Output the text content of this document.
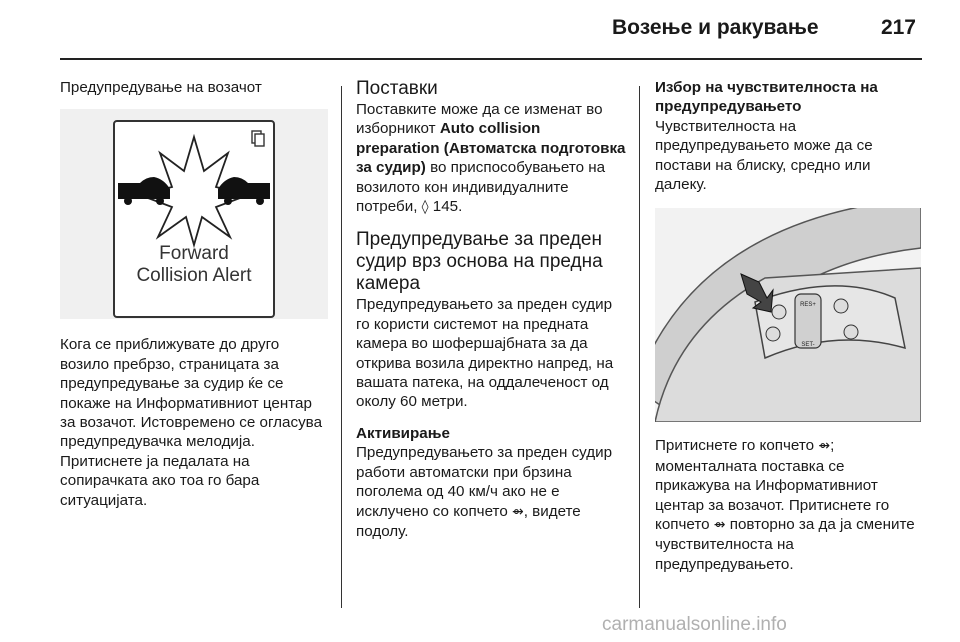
Возење и ракување	217

Предупредување на возачот

Forward
Collision Alert

Кога се приближувате до друго возило пребрзо, страницата за предупредување за судир ќе се покаже на Информативниот центар за возачот. Истовремено се огласува предупредувачка мелодија. Притиснете ја педалата на сопирачката ако тоа го бара ситуацијата.

Поставки

Поставките може да се изменат во изборникот Auto collision preparation (Автоматска подготовка за судир) во приспособувањето на возилото кон индивидуалните потреби, ◊ 145.

Предупредување за преден судир врз основа на предна камера

Предупредувањето за преден судир го користи системот на предната камера во шофершајбната за да открива возила директно напред, на вашата патека, на оддалеченост од околу 60 метри.

Активирање

Предупредувањето за преден судир работи автоматски при брзина поголема од 40 км/ч ако не е исклучено со копчето ⇴, видете подолу.

Избор на чувствителноста на предупредувањето

Чувствителноста на предупредувањето може да се постави на блиску, средно или далеку.

RES+
SET-

Притиснете го копчето ⇴; моменталната поставка се прикажува на Информативниот центар за возачот. Притиснете го копчето ⇴ повторно за да ја смените чувствителноста на предупредувањето.

carmanualsonline.info
